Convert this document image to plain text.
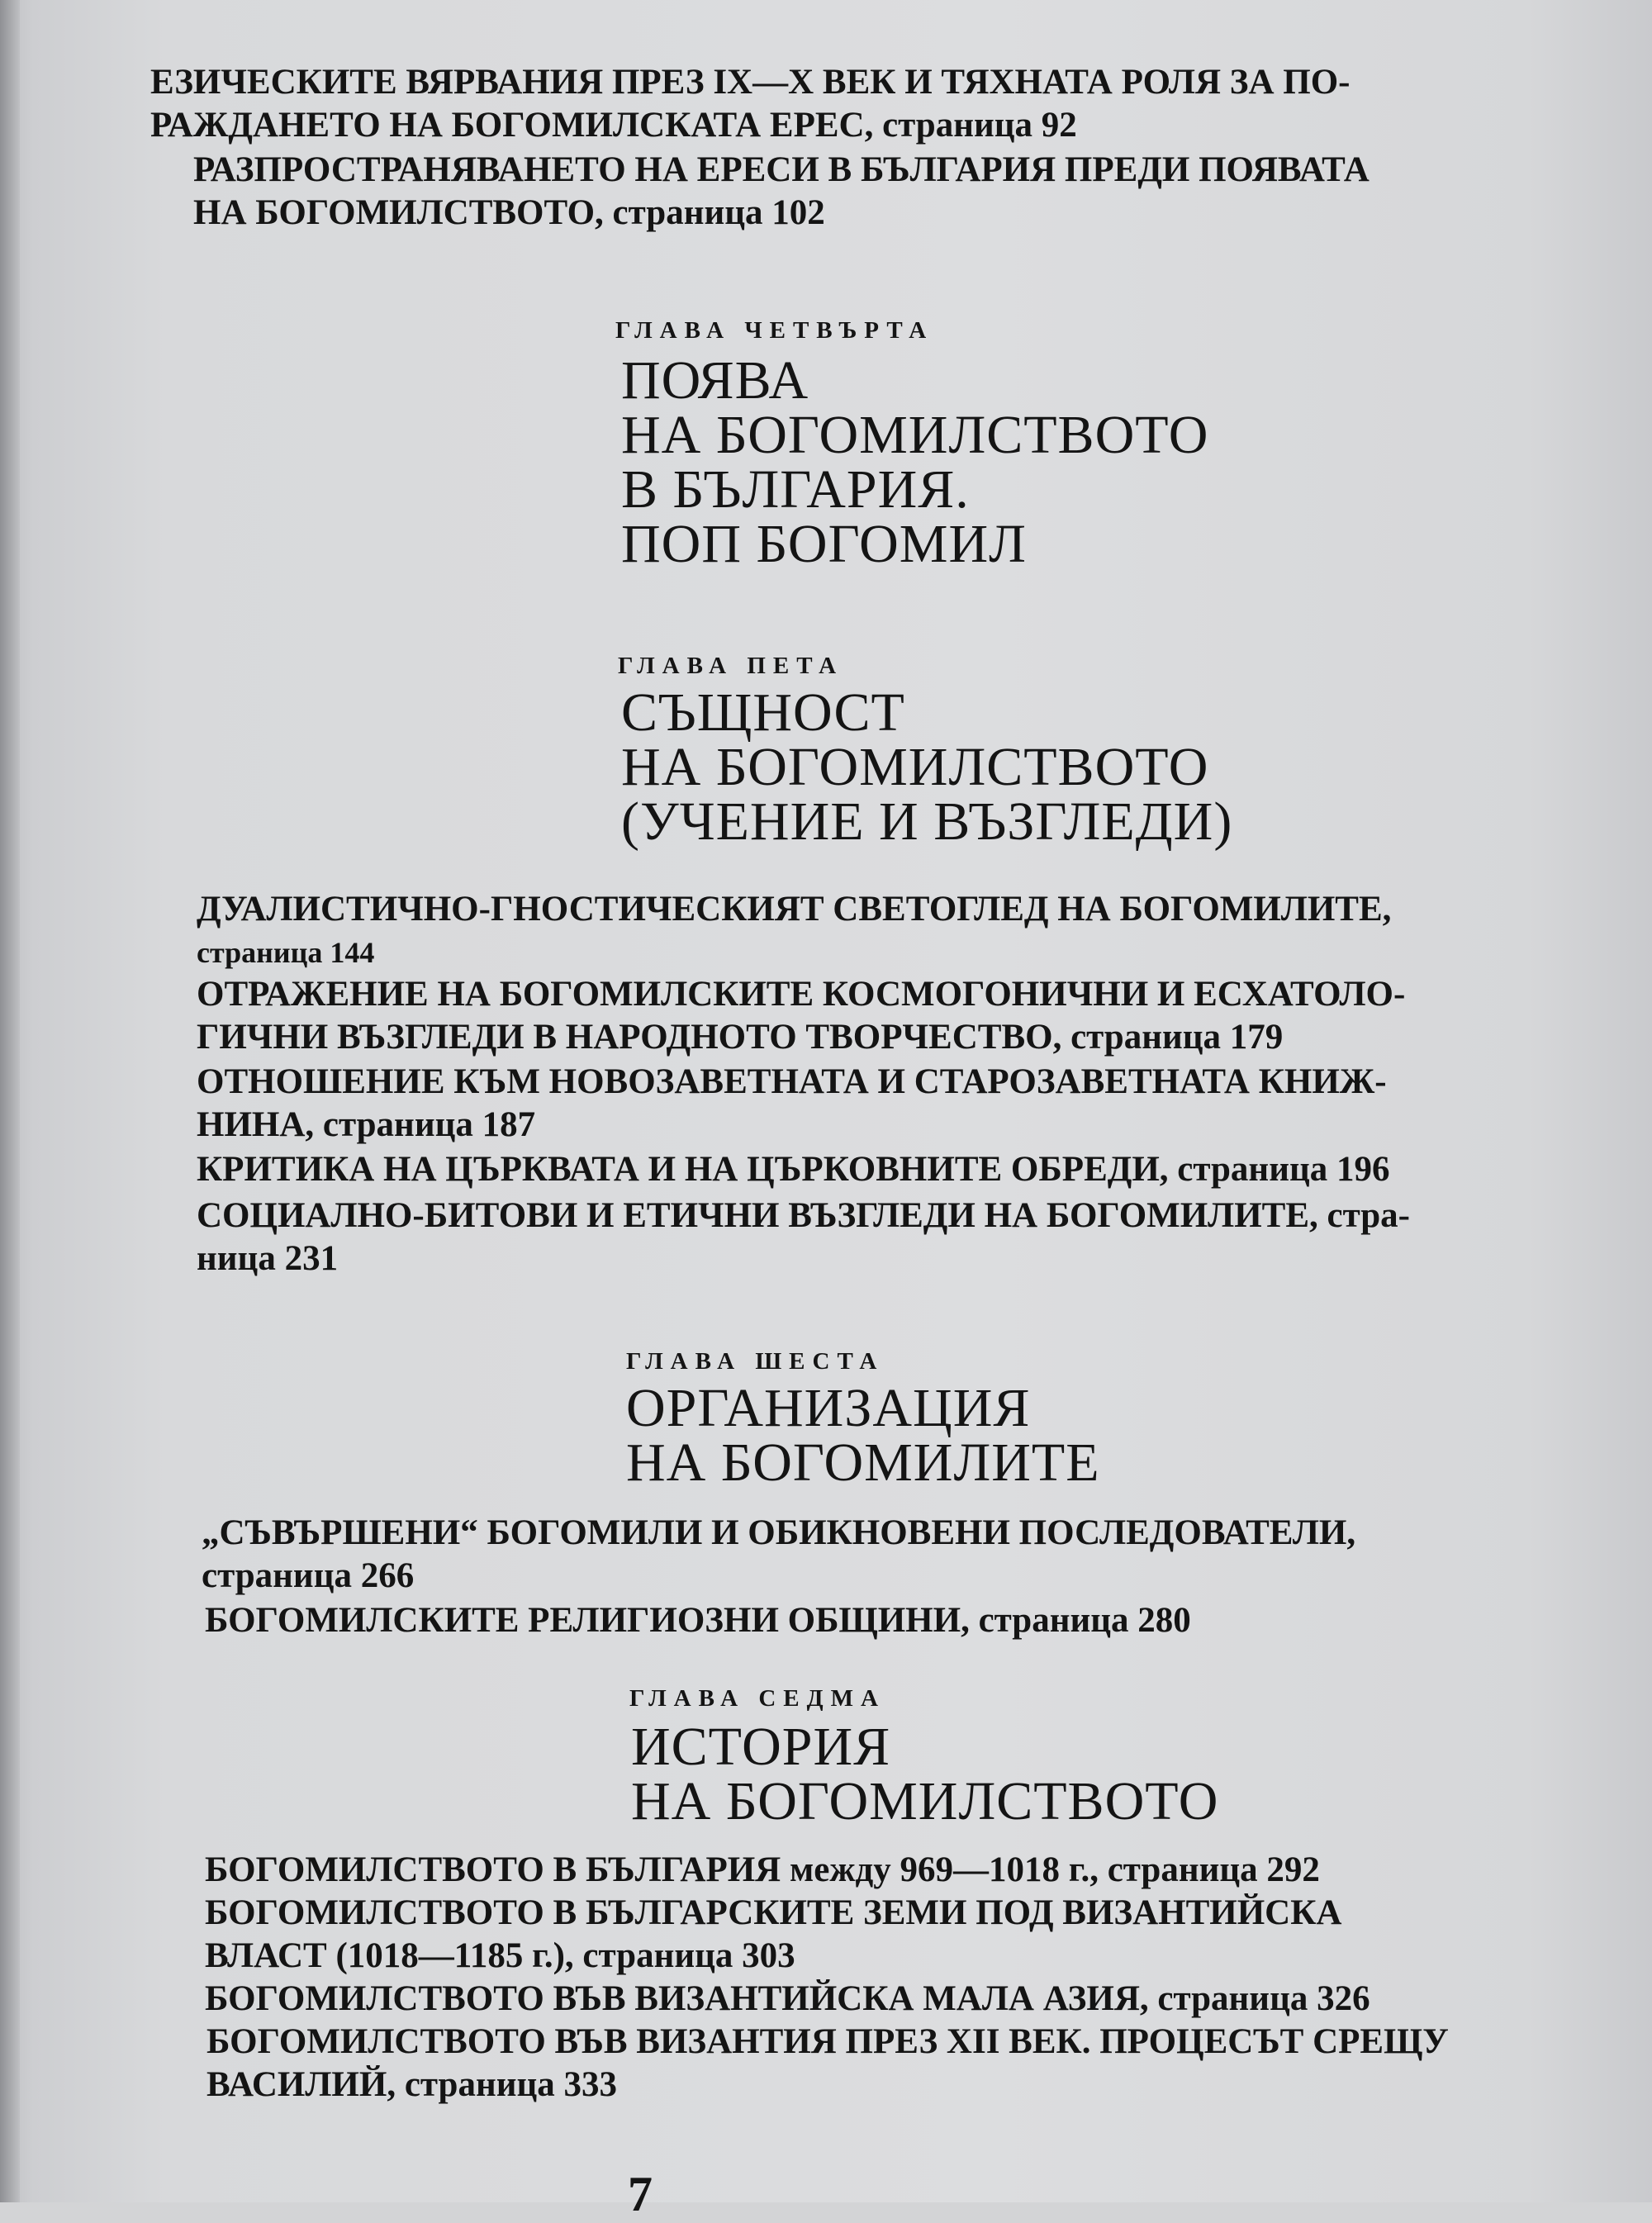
ЕЗИЧЕСКИТЕ ВЯРВАНИЯ ПРЕЗ IX—X ВЕК И ТЯХНАТА РОЛЯ ЗА ПО-
РАЖДАНЕТО НА БОГОМИЛСКАТА ЕРЕС, страница 92
РАЗПРОСТРАНЯВАНЕТО НА ЕРЕСИ В БЪЛГАРИЯ ПРЕДИ ПОЯВАТА
НА БОГОМИЛСТВОТО, страница 102
ГЛАВА ЧЕТВЪРТА
ПОЯВА
НА БОГОМИЛСТВОТО
В БЪЛГАРИЯ.
ПОП БОГОМИЛ
ГЛАВА ПЕТА
СЪЩНОСТ
НА БОГОМИЛСТВОТО
(УЧЕНИЕ И ВЪЗГЛЕДИ)
ДУАЛИСТИЧНО-ГНОСТИЧЕСКИЯТ СВЕТОГЛЕД НА БОГОМИЛИТЕ,
страница 144
ОТРАЖЕНИЕ НА БОГОМИЛСКИТЕ КОСМОГОНИЧНИ И ЕСХАТОЛО-
ГИЧНИ ВЪЗГЛЕДИ В НАРОДНОТО ТВОРЧЕСТВО, страница 179
ОТНОШЕНИЕ КЪМ НОВОЗАВЕТНАТА И СТАРОЗАВЕТНАТА КНИЖ-
НИНА, страница 187
КРИТИКА НА ЦЪРКВАТА И НА ЦЪРКОВНИТЕ ОБРЕДИ, страница 196
СОЦИАЛНО-БИТОВИ И ЕТИЧНИ ВЪЗГЛЕДИ НА БОГОМИЛИТЕ, стра-
ница 231
ГЛАВА ШЕСТА
ОРГАНИЗАЦИЯ
НА БОГОМИЛИТЕ
„СЪВЪРШЕНИ“ БОГОМИЛИ И ОБИКНОВЕНИ ПОСЛЕДОВАТЕЛИ,
страница 266
БОГОМИЛСКИТЕ РЕЛИГИОЗНИ ОБЩИНИ, страница 280
ГЛАВА СЕДМА
ИСТОРИЯ
НА БОГОМИЛСТВОТО
БОГОМИЛСТВОТО В БЪЛГАРИЯ между 969—1018 г., страница 292
БОГОМИЛСТВОТО В БЪЛГАРСКИТЕ ЗЕМИ ПОД ВИЗАНТИЙСКА
ВЛАСТ (1018—1185 г.), страница 303
БОГОМИЛСТВОТО ВЪВ ВИЗАНТИЙСКА МАЛА АЗИЯ, страница 326
БОГОМИЛСТВОТО ВЪВ ВИЗАНТИЯ ПРЕЗ XII ВЕК. ПРОЦЕСЪТ СРЕЩУ
ВАСИЛИЙ, страница 333
7
